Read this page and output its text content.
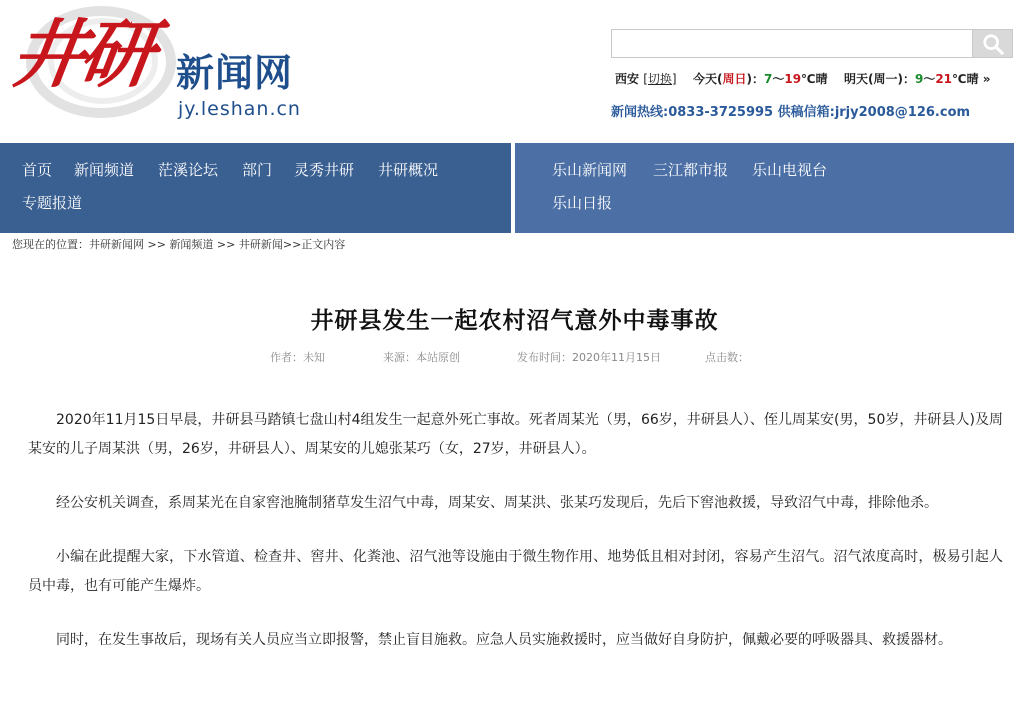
井研 新闻网
jy.leshan.cn
西安 [切换] 今天(周日)：7～19℃晴 明天(周一)：9～21℃晴 »
新闻热线:0833-3725995 供稿信箱:jrjy2008@126.com
首页 新闻频道 茫溪论坛 部门 灵秀井研 井研概况
专题报道
乐山新闻网 三江都市报 乐山电视台
乐山日报
您现在的位置：井研新闻网 >> 新闻频道 >> 井研新闻>>正文内容
井研县发生一起农村沼气意外中毒事故
作者：未知	来源：本站原创	发布时间：2020年11月15日	点击数：

2020年11月15日早晨，井研县马踏镇七盘山村4组发生一起意外死亡事故。死者周某光（男，66岁，井研县人）、侄儿周某安(男，50岁，井研县人)及周某安的儿子周某洪（男，26岁，井研县人）、周某安的儿媳张某巧（女，27岁，井研县人）。

经公安机关调查，系周某光在自家窖池腌制猪草发生沼气中毒，周某安、周某洪、张某巧发现后，先后下窖池救援，导致沼气中毒，排除他杀。

小编在此提醒大家，下水管道、检查井、窖井、化粪池、沼气池等设施由于微生物作用、地势低且相对封闭，容易产生沼气。沼气浓度高时，极易引起人员中毒，也有可能产生爆炸。

同时，在发生事故后，现场有关人员应当立即报警，禁止盲目施救。应急人员实施救援时，应当做好自身防护，佩戴必要的呼吸器具、救援器材。
